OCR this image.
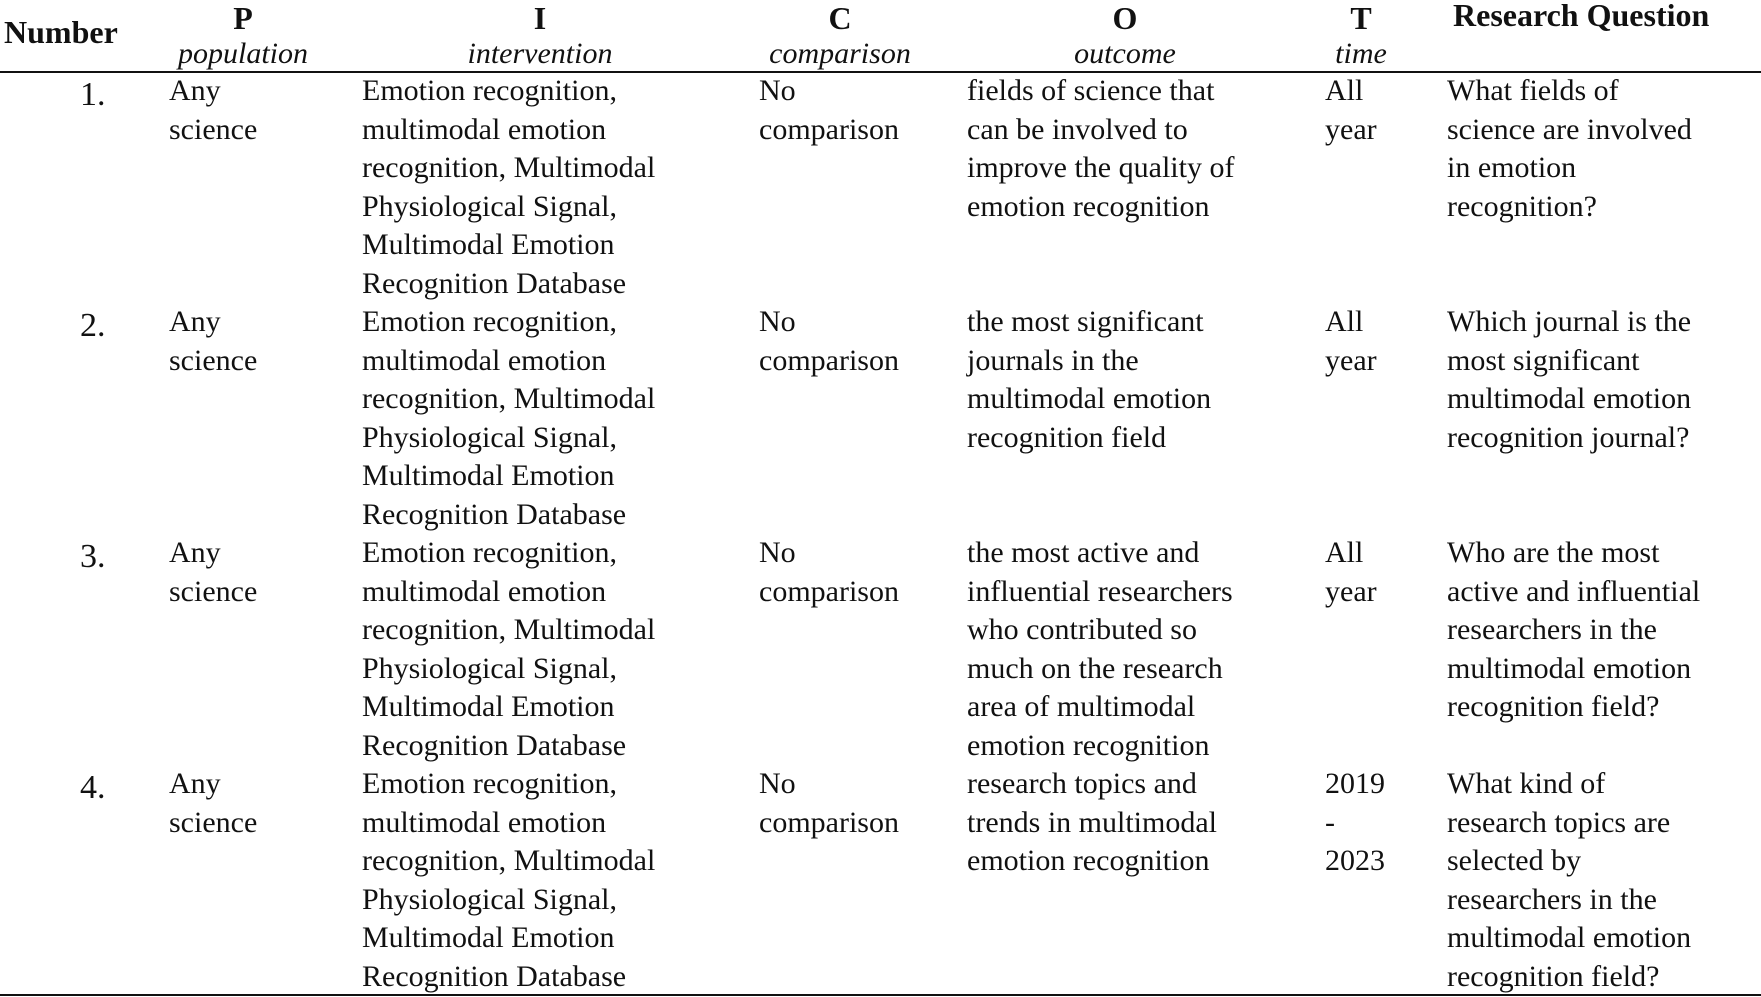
Number	P
population
I
intervention
C
comparison
O
outcome
T
time
Research Question
1. Any
science
Emotion recognition,
multimodal emotion
recognition, Multimodal
Physiological Signal,
Multimodal Emotion
Recognition Database
No
comparison
fields of science that
can be involved to
improve the quality of
emotion recognition
All
year
What fields of
science are involved
in emotion
recognition?
2. Any
science
Emotion recognition,
multimodal emotion
recognition, Multimodal
Physiological Signal,
Multimodal Emotion
Recognition Database
No
comparison
the most significant
journals in the
multimodal emotion
recognition field
All
year
Which journal is the
most significant
multimodal emotion
recognition journal?
3. Any
science
Emotion recognition,
multimodal emotion
recognition, Multimodal
Physiological Signal,
Multimodal Emotion
Recognition Database
No
comparison
the most active and
influential researchers
who contributed so
much on the research
area of multimodal
emotion recognition
All
year
Who are the most
active and influential
researchers in the
multimodal emotion
recognition field?
4. Any
science
Emotion recognition,
multimodal emotion
recognition, Multimodal
Physiological Signal,
Multimodal Emotion
Recognition Database
No
comparison
research topics and
trends in multimodal
emotion recognition
2019
-
2023
What kind of
research topics are
selected by
researchers in the
multimodal emotion
recognition field?
